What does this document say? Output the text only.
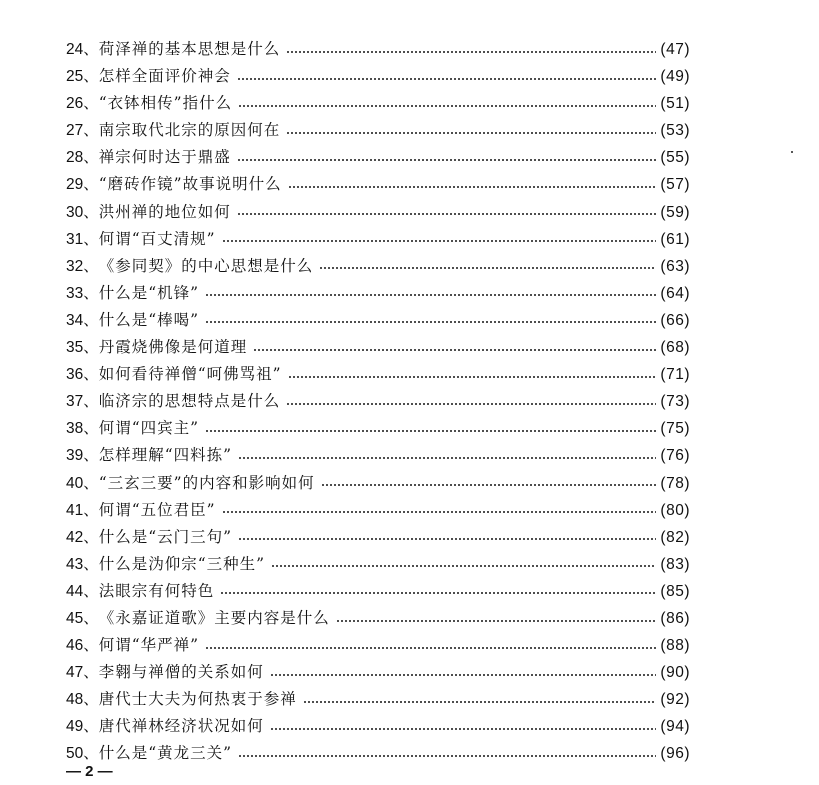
24、 荷泽禅的基本思想是什么	(47)
25、 怎样全面评价神会	(49)
26、 “衣钵相传”指什么	(51)
27、 南宗取代北宗的原因何在	(53)
28、 禅宗何时达于鼎盛	(55)
29、 “磨砖作镜”故事说明什么	(57)
30、 洪州禅的地位如何	(59)
31、 何谓“百丈清规”	(61)
32、 《参同契》的中心思想是什么	(63)
33、 什么是“机锋”	(64)
34、 什么是“棒喝”	(66)
35、 丹霞烧佛像是何道理	(68)
36、 如何看待禅僧“呵佛骂祖”	(71)
37、 临济宗的思想特点是什么	(73)
38、 何谓“四宾主”	(75)
39、 怎样理解“四料拣”	(76)
40、 “三玄三要”的内容和影响如何	(78)
41、 何谓“五位君臣”	(80)
42、 什么是“云门三句”	(82)
43、 什么是沩仰宗“三种生”	(83)
44、 法眼宗有何特色	(85)
45、 《永嘉证道歌》主要内容是什么	(86)
46、 何谓“华严禅”	(88)
47、 李翱与禅僧的关系如何	(90)
48、 唐代士大夫为何热衷于参禅	(92)
49、 唐代禅林经济状况如何	(94)
50、 什么是“黄龙三关”	(96)
— 2 —
